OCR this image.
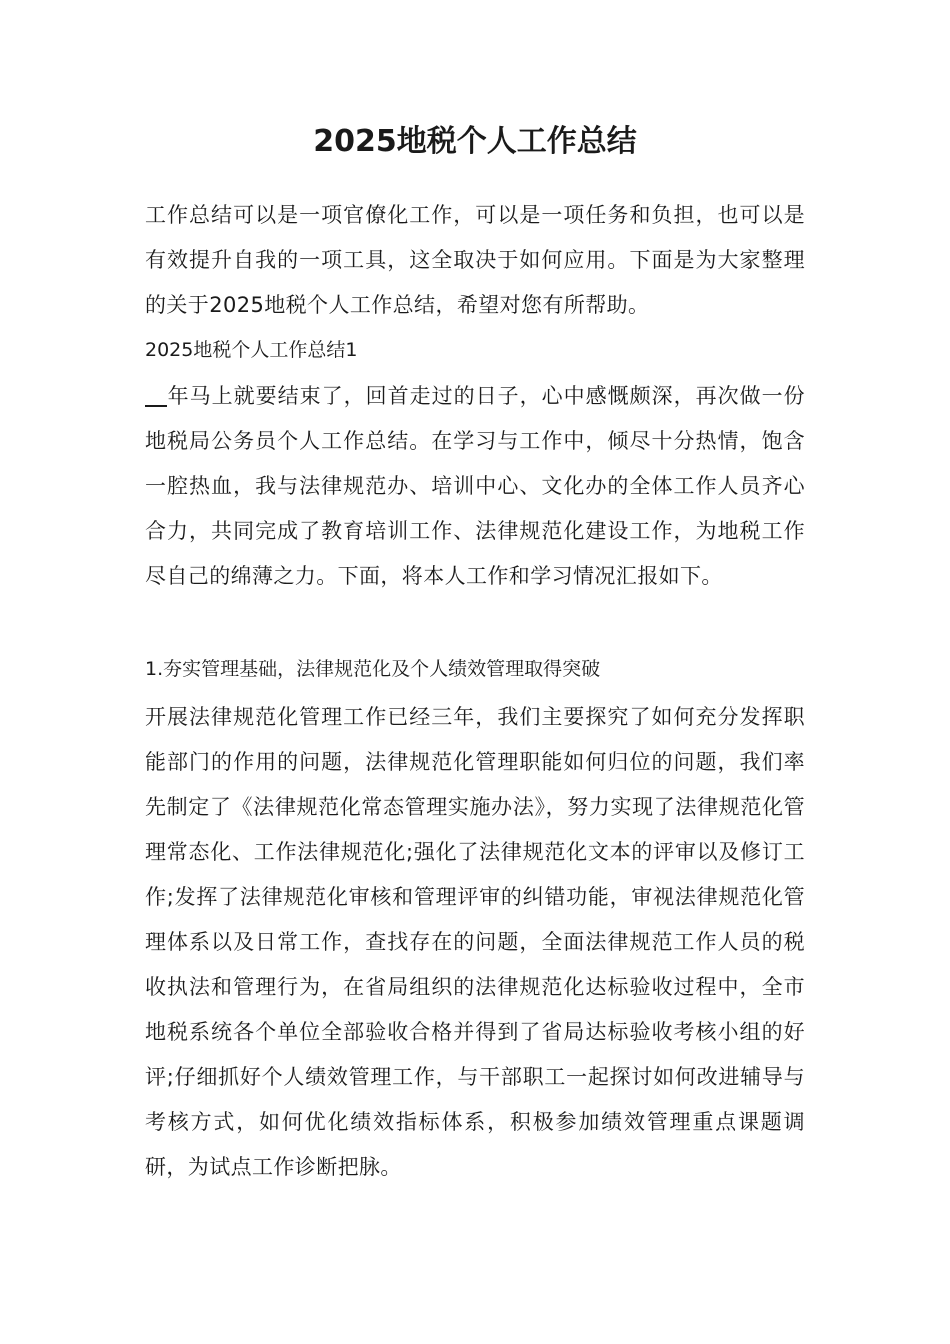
2025地税个人工作总结

工作总结可以是一项官僚化工作，可以是一项任务和负担，也可以是有效提升自我的一项工具，这全取决于如何应用。下面是为大家整理的关于2025地税个人工作总结，希望对您有所帮助。

2025地税个人工作总结1

年马上就要结束了，回首走过的日子，心中感慨颇深，再次做一份地税局公务员个人工作总结。在学习与工作中，倾尽十分热情，饱含一腔热血，我与法律规范办、培训中心、文化办的全体工作人员齐心合力，共同完成了教育培训工作、法律规范化建设工作，为地税工作尽自己的绵薄之力。下面，将本人工作和学习情况汇报如下。

1.夯实管理基础，法律规范化及个人绩效管理取得突破

开展法律规范化管理工作已经三年，我们主要探究了如何充分发挥职能部门的作用的问题，法律规范化管理职能如何归位的问题，我们率先制定了《法律规范化常态管理实施办法》，努力实现了法律规范化管理常态化、工作法律规范化;强化了法律规范化文本的评审以及修订工作;发挥了法律规范化审核和管理评审的纠错功能，审视法律规范化管理体系以及日常工作，查找存在的问题，全面法律规范工作人员的税收执法和管理行为，在省局组织的法律规范化达标验收过程中，全市地税系统各个单位全部验收合格并得到了省局达标验收考核小组的好评;仔细抓好个人绩效管理工作，与干部职工一起探讨如何改进辅导与考核方式，如何优化绩效指标体系，积极参加绩效管理重点课题调研，为试点工作诊断把脉。
